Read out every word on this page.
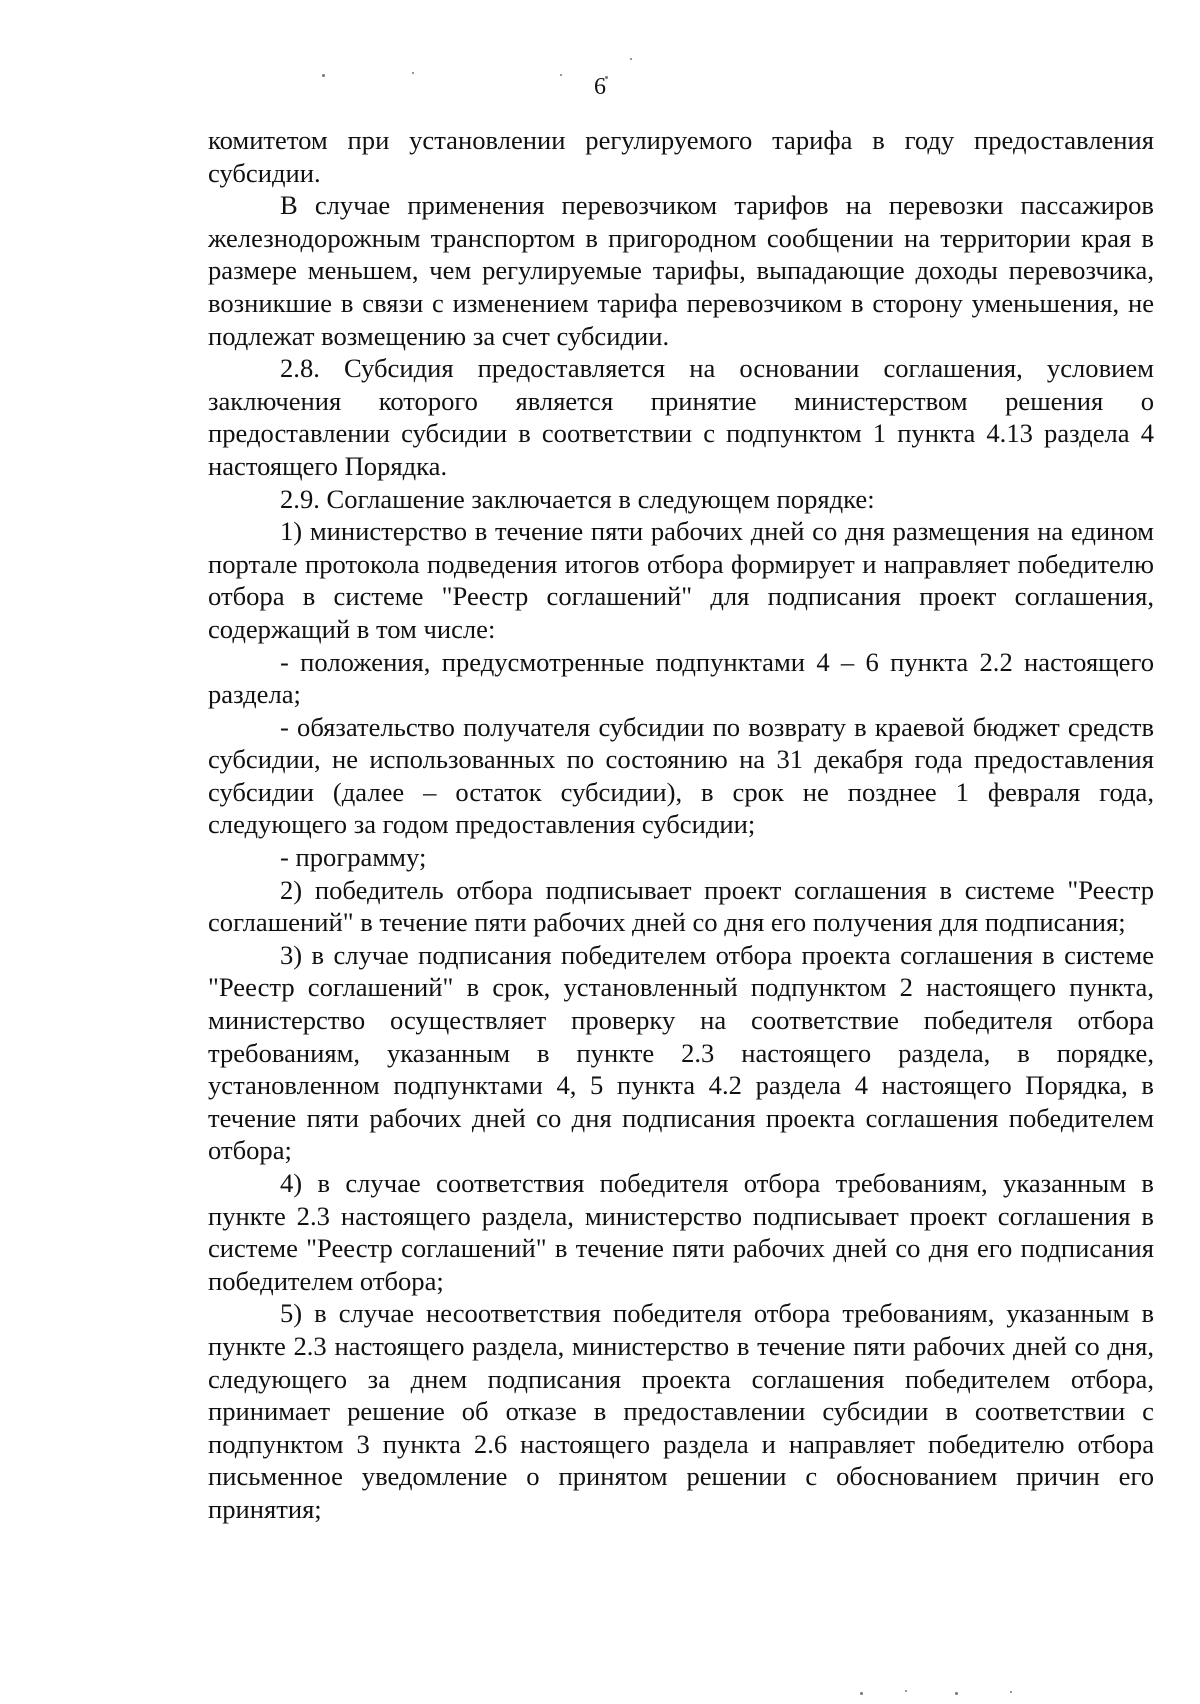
6

комитетом при установлении регулируемого тарифа в году предоставления субсидии.

В случае применения перевозчиком тарифов на перевозки пассажиров железнодорожным транспортом в пригородном сообщении на территории края в размере меньшем, чем регулируемые тарифы, выпадающие доходы перевозчика, возникшие в связи с изменением тарифа перевозчиком в сторону уменьшения, не подлежат возмещению за счет субсидии.

2.8. Субсидия предоставляется на основании соглашения, условием заключения которого является принятие министерством решения о предоставлении субсидии в соответствии с подпунктом 1 пункта 4.13 раздела 4 настоящего Порядка.

2.9. Соглашение заключается в следующем порядке:

1) министерство в течение пяти рабочих дней со дня размещения на едином портале протокола подведения итогов отбора формирует и направляет победителю отбора в системе "Реестр соглашений" для подписания проект соглашения, содержащий в том числе:

- положения, предусмотренные подпунктами 4 – 6 пункта 2.2 настоящего раздела;

- обязательство получателя субсидии по возврату в краевой бюджет средств субсидии, не использованных по состоянию на 31 декабря года предоставления субсидии (далее – остаток субсидии), в срок не позднее 1 февраля года, следующего за годом предоставления субсидии;

- программу;

2) победитель отбора подписывает проект соглашения в системе "Реестр соглашений" в течение пяти рабочих дней со дня его получения для подписания;

3) в случае подписания победителем отбора проекта соглашения в системе "Реестр соглашений" в срок, установленный подпунктом 2 настоящего пункта, министерство осуществляет проверку на соответствие победителя отбора требованиям, указанным в пункте 2.3 настоящего раздела, в порядке, установленном подпунктами 4, 5 пункта 4.2 раздела 4 настоящего Порядка, в течение пяти рабочих дней со дня подписания проекта соглашения победителем отбора;

4) в случае соответствия победителя отбора требованиям, указанным в пункте 2.3 настоящего раздела, министерство подписывает проект соглашения в системе "Реестр соглашений" в течение пяти рабочих дней со дня его подписания победителем отбора;

5) в случае несоответствия победителя отбора требованиям, указанным в пункте 2.3 настоящего раздела, министерство в течение пяти рабочих дней со дня, следующего за днем подписания проекта соглашения победителем отбора, принимает решение об отказе в предоставлении субсидии в соответствии с подпунктом 3 пункта 2.6 настоящего раздела и направляет победителю отбора письменное уведомление о принятом решении с обоснованием причин его принятия;
